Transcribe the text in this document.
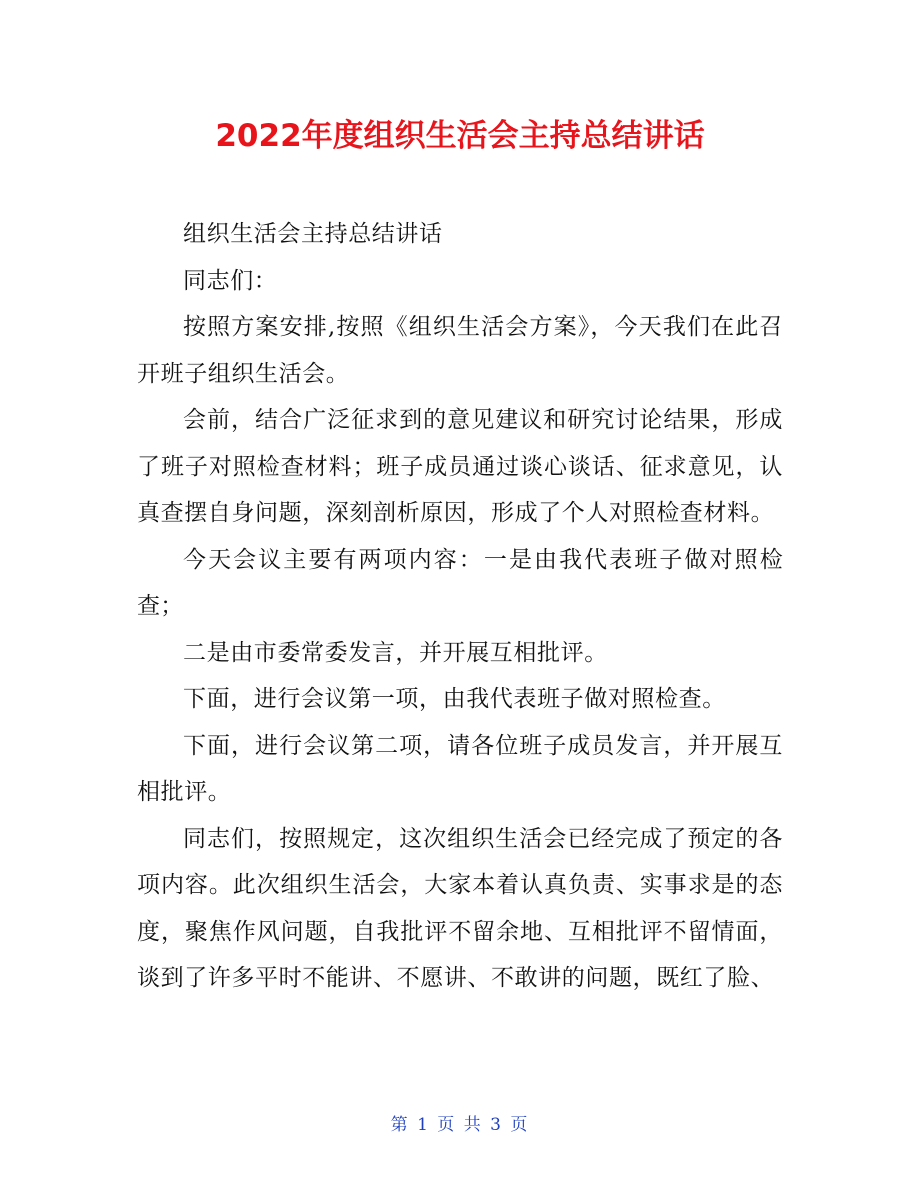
2022年度组织生活会主持总结讲话

组织生活会主持总结讲话

同志们：

按照方案安排,按照《组织生活会方案》，今天我们在此召开班子组织生活会。

会前，结合广泛征求到的意见建议和研究讨论结果，形成了班子对照检查材料；班子成员通过谈心谈话、征求意见，认真查摆自身问题，深刻剖析原因，形成了个人对照检查材料。

今天会议主要有两项内容：一是由我代表班子做对照检查；

二是由市委常委发言，并开展互相批评。

下面，进行会议第一项，由我代表班子做对照检查。

下面，进行会议第二项，请各位班子成员发言，并开展互相批评。

同志们，按照规定，这次组织生活会已经完成了预定的各项内容。此次组织生活会，大家本着认真负责、实事求是的态度，聚焦作风问题，自我批评不留余地、互相批评不留情面，谈到了许多平时不能讲、不愿讲、不敢讲的问题，既红了脸、

第 1 页 共 3 页
